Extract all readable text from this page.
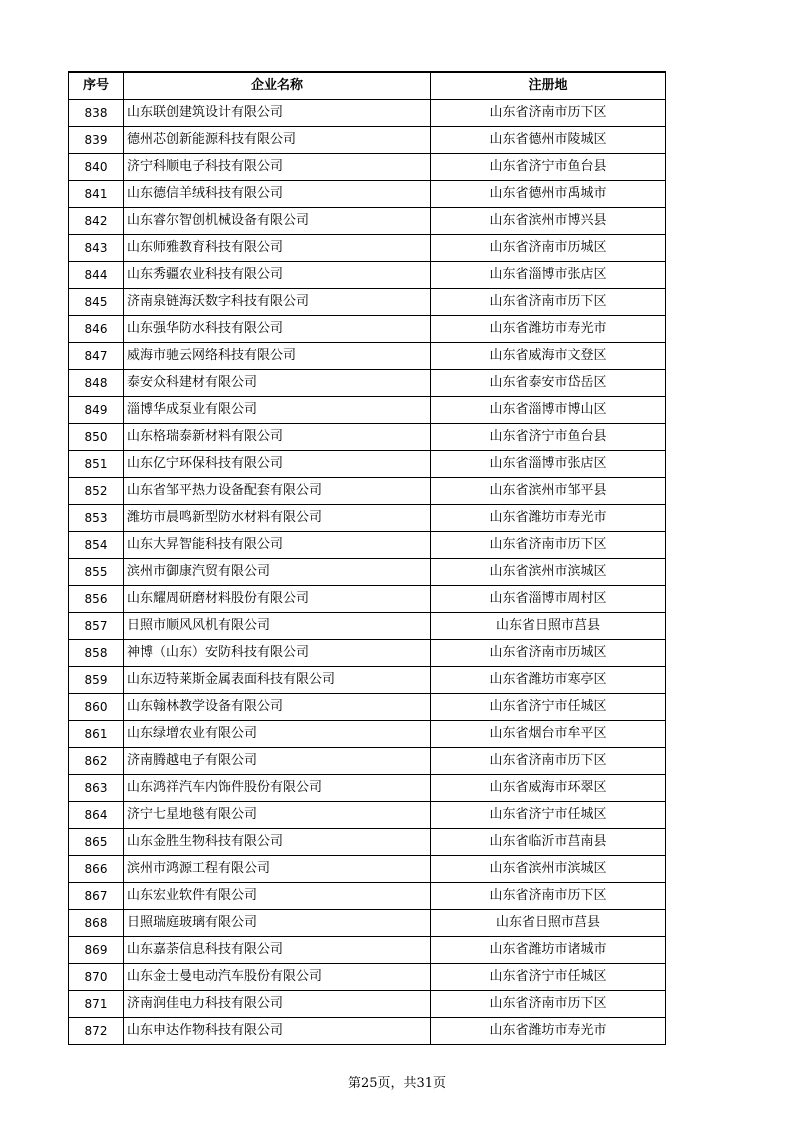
序号	企业名称	注册地
838	山东联创建筑设计有限公司	山东省济南市历下区
839	德州芯创新能源科技有限公司	山东省德州市陵城区
840	济宁科顺电子科技有限公司	山东省济宁市鱼台县
841	山东德信羊绒科技有限公司	山东省德州市禹城市
842	山东睿尔智创机械设备有限公司	山东省滨州市博兴县
843	山东师雅教育科技有限公司	山东省济南市历城区
844	山东秀疆农业科技有限公司	山东省淄博市张店区
845	济南泉链海沃数字科技有限公司	山东省济南市历下区
846	山东强华防水科技有限公司	山东省潍坊市寿光市
847	威海市驰云网络科技有限公司	山东省威海市文登区
848	泰安众科建材有限公司	山东省泰安市岱岳区
849	淄博华成泵业有限公司	山东省淄博市博山区
850	山东格瑞泰新材料有限公司	山东省济宁市鱼台县
851	山东亿宁环保科技有限公司	山东省淄博市张店区
852	山东省邹平热力设备配套有限公司	山东省滨州市邹平县
853	潍坊市晨鸣新型防水材料有限公司	山东省潍坊市寿光市
854	山东大昇智能科技有限公司	山东省济南市历下区
855	滨州市御康汽贸有限公司	山东省滨州市滨城区
856	山东耀周研磨材料股份有限公司	山东省淄博市周村区
857	日照市顺风风机有限公司	山东省日照市莒县
858	神博（山东）安防科技有限公司	山东省济南市历城区
859	山东迈特莱斯金属表面科技有限公司	山东省潍坊市寒亭区
860	山东翰林教学设备有限公司	山东省济宁市任城区
861	山东绿增农业有限公司	山东省烟台市牟平区
862	济南腾越电子有限公司	山东省济南市历下区
863	山东鸿祥汽车内饰件股份有限公司	山东省威海市环翠区
864	济宁七星地毯有限公司	山东省济宁市任城区
865	山东金胜生物科技有限公司	山东省临沂市莒南县
866	滨州市鸿源工程有限公司	山东省滨州市滨城区
867	山东宏业软件有限公司	山东省济南市历下区
868	日照瑞庭玻璃有限公司	山东省日照市莒县
869	山东嘉荼信息科技有限公司	山东省潍坊市诸城市
870	山东金士曼电动汽车股份有限公司	山东省济宁市任城区
871	济南润佳电力科技有限公司	山东省济南市历下区
872	山东申达作物科技有限公司	山东省潍坊市寿光市
第25页，共31页
